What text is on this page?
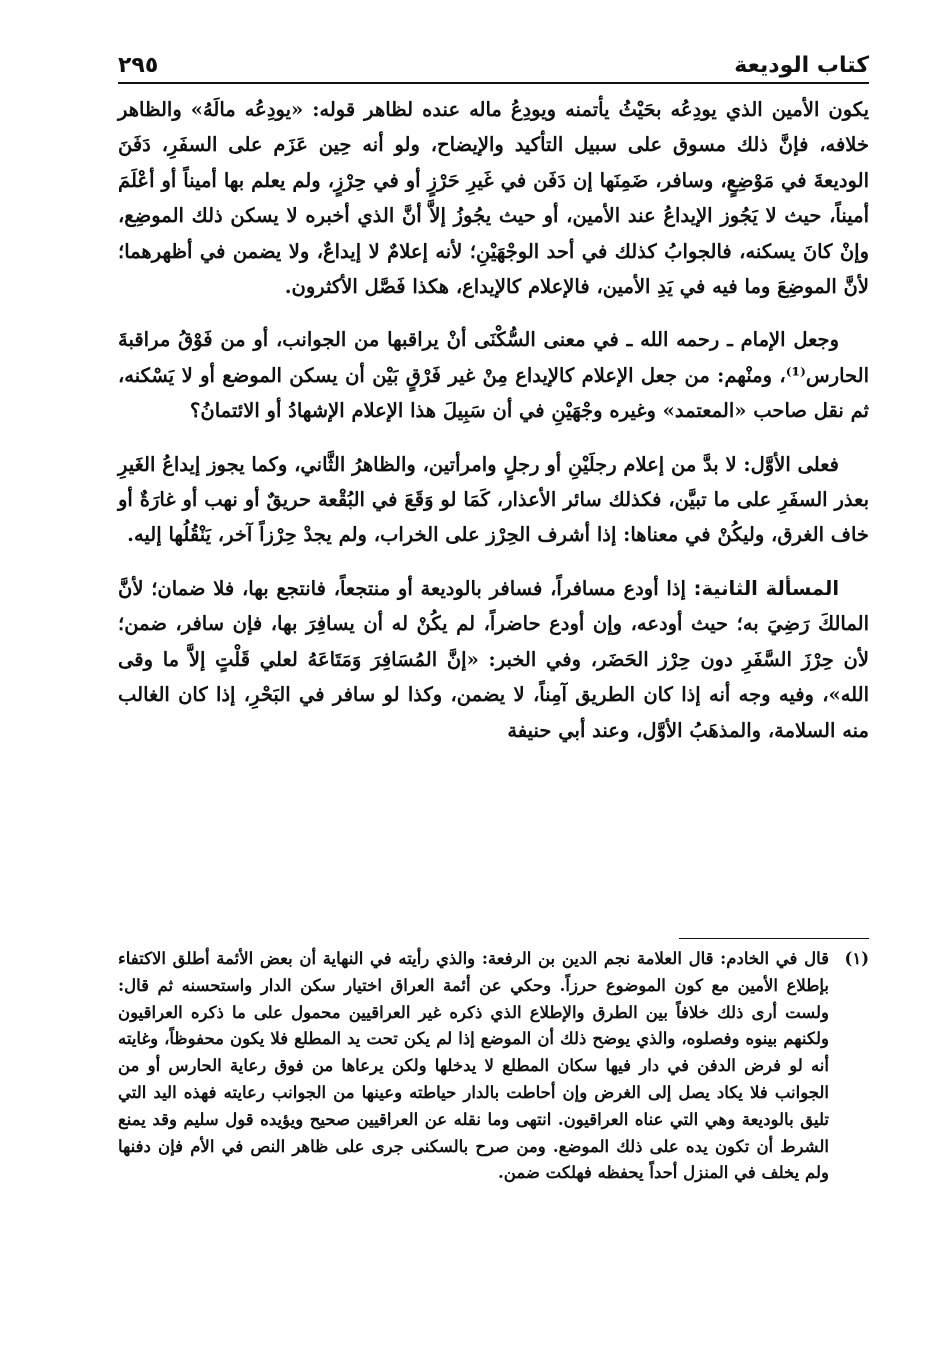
كتاب الوديعة
٢٩٥

يكون الأمين الذي يودِعُه بحَيْثُ يأتمنه ويودِعُ ماله عنده لظاهر قوله: «يودِعُه مالَهُ» والظاهر خلافه، فإنَّ ذلك مسوق على سبيل التأكيد والإيضاح، ولو أنه حِين عَزَم على السفَرِ، دَفَنَ الوديعةَ في مَوْضِعٍ، وسافر، ضَمِنَها إن دَفَن في غَيرِ حَرْزٍ أو في حِرْزٍ، ولم يعلم بها أميناً أو أعْلَمَ أميناً، حيث لا يَجُوز الإيداعُ عند الأمين، أو حيث يجُوزُ إلاَّ أنَّ الذي أخبره لا يسكن ذلك الموضِع، وإنْ كانَ يسكنه، فالجوابُ كذلك في أحد الوجْهَيْنِ؛ لأنه إعلامٌ لا إيداعٌ، ولا يضمن في أظهرهما؛ لأنَّ الموضِعَ وما فيه في يَدِ الأمين، فالإعلام كالإيداع، هكذا فَصَّل الأكثرون.

وجعل الإمام ـ رحمه الله ـ في معنى السُّكْنَى أنْ يراقبها من الجوانب، أو من فَوْقُ مراقبةَ الحارس⁽¹⁾، ومنْهم: من جعل الإعلام كالإيداع مِنْ غير فَرْقٍ بَيْن أن يسكن الموضع أو لا يَسْكنه، ثم نقل صاحب «المعتمد» وغيره وجْهَيْنِ في أن سَبِيلَ هذا الإعلام الإشهادُ أو الائتمانُ؟

فعلى الأوَّل: لا بدَّ من إعلام رجلَيْنِ أو رجلٍ وامرأتين، والظاهرُ الثَّاني، وكما يجوز إيداعُ الغَيرِ بعذر السفَرِ على ما تبيَّن، فكذلك سائر الأعذار، كَمَا لو وَقَعَ في البُقْعة حريقٌ أو نهب أو غارَةٌ أو خاف الغرق، وليكُنْ في معناها: إذا أشرف الحِرْز على الخراب، ولم يجدْ حِرْزاً آخر، يَنْقُلُها إليه.

المسألة الثانية: إذا أودع مسافراً، فسافر بالوديعة أو منتجعاً، فانتجع بها، فلا ضمان؛ لأنَّ المالكَ رَضِيَ به؛ حيث أودعه، وإن أودع حاضراً، لم يكُنْ له أن يسافِرَ بها، فإن سافر، ضمن؛ لأن حِرْزَ السَّفَرِ دون حِرْز الحَضَر، وفي الخبر: «إنَّ المُسَافِرَ وَمَتَاعَهُ لعلي قَلْتٍ إلاَّ ما وقى الله»، وفيه وجه أنه إذا كان الطريق آمِناً، لا يضمن، وكذا لو سافر في البَحْرِ، إذا كان الغالب منه السلامة، والمذهَبُ الأوَّل، وعند أبي حنيفة

(١)

قال في الخادم: قال العلامة نجم الدين بن الرفعة: والذي رأيته في النهاية أن بعض الأئمة أطلق الاكتفاء بإطلاع الأمين مع كون الموضوع حرزاً. وحكي عن أئمة العراق اختيار سكن الدار واستحسنه ثم قال: ولست أرى ذلك خلافاً بين الطرق والإطلاع الذي ذكره غير العراقيين محمول على ما ذكره العراقيون ولكنهم بينوه وفصلوه، والذي يوضح ذلك أن الموضع إذا لم يكن تحت يد المطلع فلا يكون محفوظاً، وغايته أنه لو فرض الدفن في دار فيها سكان المطلع لا يدخلها ولكن يرعاها من فوق رعاية الحارس أو من الجوانب فلا يكاد يصل إلى الغرض وإن أحاطت بالدار حياطته وعينها من الجوانب رعايته فهذه اليد التي تليق بالوديعة وهي التي عناه العراقيون. انتهى وما نقله عن العراقيين صحيح ويؤيده قول سليم وقد يمنع الشرط أن تكون يده على ذلك الموضع. ومن صرح بالسكنى جرى على ظاهر النص في الأم فإن دفنها ولم يخلف في المنزل أحداً يحفظه فهلكت ضمن.
